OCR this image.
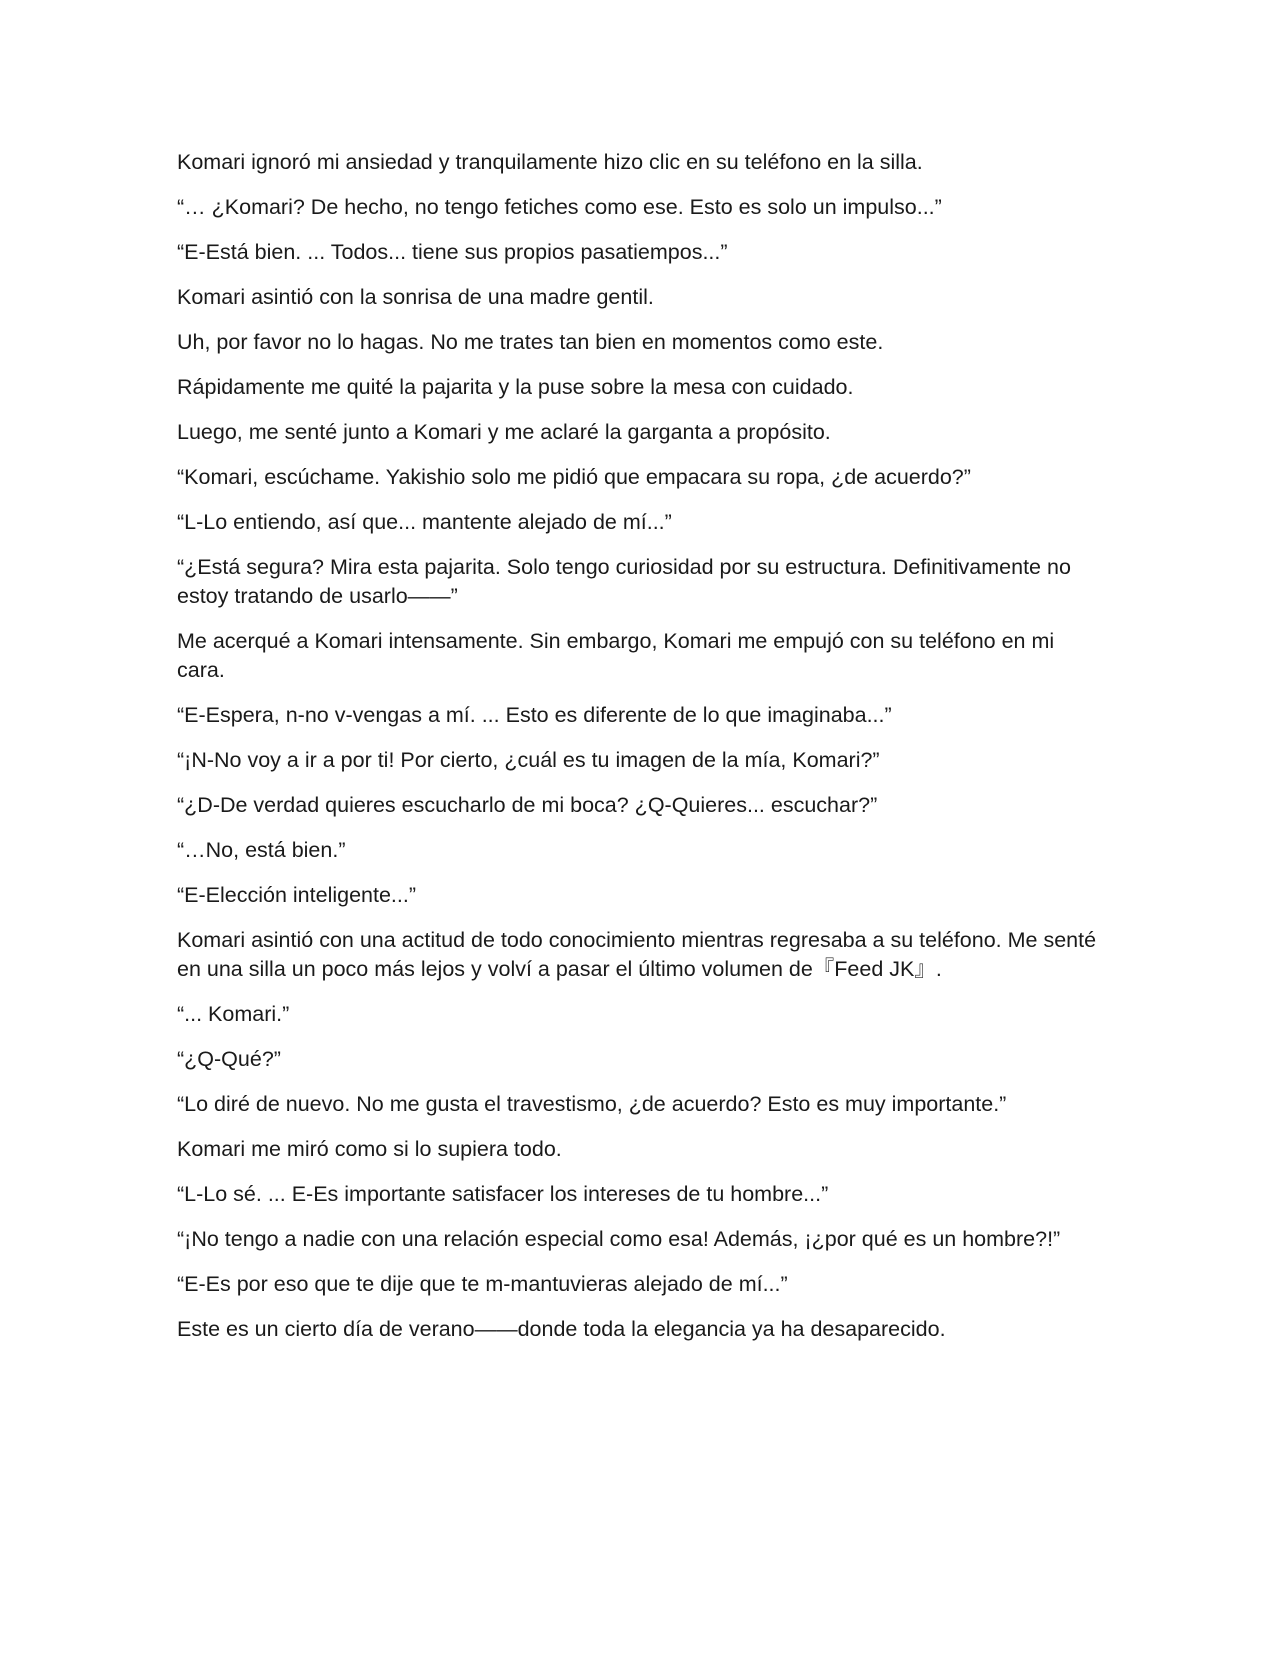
Komari ignoró mi ansiedad y tranquilamente hizo clic en su teléfono en la silla.

“… ¿Komari? De hecho, no tengo fetiches como ese. Esto es solo un impulso...”

“E-Está bien. ... Todos... tiene sus propios pasatiempos...”

Komari asintió con la sonrisa de una madre gentil.

Uh, por favor no lo hagas. No me trates tan bien en momentos como este.

Rápidamente me quité la pajarita y la puse sobre la mesa con cuidado.

Luego, me senté junto a Komari y me aclaré la garganta a propósito.

“Komari, escúchame. Yakishio solo me pidió que empacara su ropa, ¿de acuerdo?”

“L-Lo entiendo, así que... mantente alejado de mí...”

“¿Está segura? Mira esta pajarita. Solo tengo curiosidad por su estructura. Definitivamente no estoy tratando de usarlo——”

Me acerqué a Komari intensamente. Sin embargo, Komari me empujó con su teléfono en mi cara.

“E-Espera, n-no v-vengas a mí. ... Esto es diferente de lo que imaginaba...”

“¡N-No voy a ir a por ti! Por cierto, ¿cuál es tu imagen de la mía, Komari?”

“¿D-De verdad quieres escucharlo de mi boca? ¿Q-Quieres... escuchar?”

“…No, está bien.”

“E-Elección inteligente...”

Komari asintió con una actitud de todo conocimiento mientras regresaba a su teléfono. Me senté en una silla un poco más lejos y volví a pasar el último volumen de『Feed JK』.

“... Komari.”

“¿Q-Qué?”

“Lo diré de nuevo. No me gusta el travestismo, ¿de acuerdo? Esto es muy importante.”

Komari me miró como si lo supiera todo.

“L-Lo sé. ... E-Es importante satisfacer los intereses de tu hombre...”

“¡No tengo a nadie con una relación especial como esa! Además, ¡¿por qué es un hombre?!”

“E-Es por eso que te dije que te m-mantuvieras alejado de mí...”

Este es un cierto día de verano——donde toda la elegancia ya ha desaparecido.
